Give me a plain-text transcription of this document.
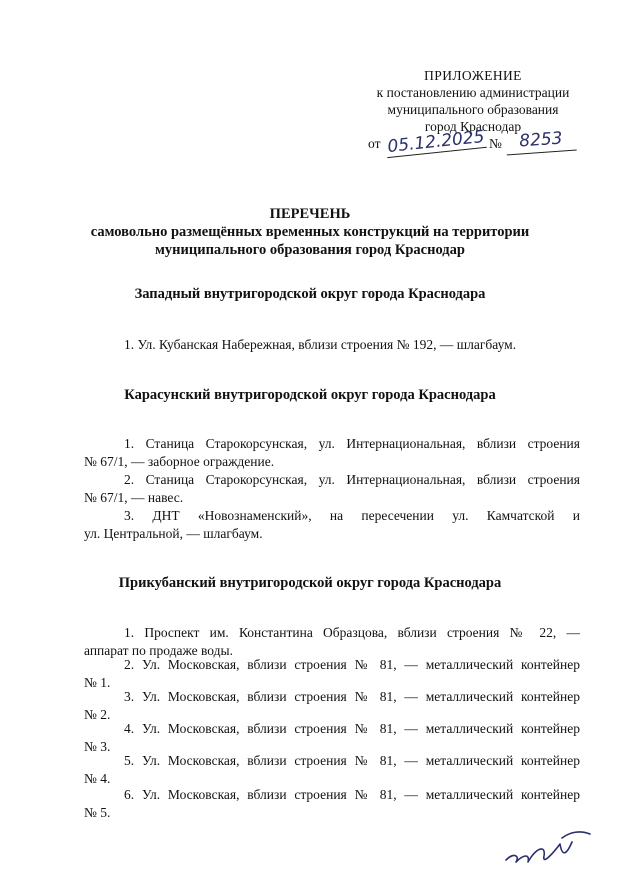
ПРИЛОЖЕНИЕ
к постановлению администрации
муниципального образования
город Краснодар
от 05.12.2025 № 8253
ПЕРЕЧЕНЬ
самовольно размещённых временных конструкций на территории
муниципального образования город Краснодар
Западный внутригородской округ города Краснодара
1. Ул. Кубанская Набережная, вблизи строения № 192, — шлагбаум.
Карасунский внутригородской округ города Краснодара
1. Станица Старокорсунская, ул. Интернациональная, вблизи строения
№ 67/1, — заборное ограждение.
2. Станица Старокорсунская, ул. Интернациональная, вблизи строения
№ 67/1, — навес.
3. ДНТ «Новознаменский», на пересечении ул. Камчатской и
ул. Центральной, — шлагбаум.
Прикубанский внутригородской округ города Краснодара
1. Проспект им. Константина Образцова, вблизи строения № 22, —
аппарат по продаже воды.
2. Ул. Московская, вблизи строения № 81, — металлический контейнер
№ 1.
3. Ул. Московская, вблизи строения № 81, — металлический контейнер
№ 2.
4. Ул. Московская, вблизи строения № 81, — металлический контейнер
№ 3.
5. Ул. Московская, вблизи строения № 81, — металлический контейнер
№ 4.
6. Ул. Московская, вблизи строения № 81, — металлический контейнер
№ 5.
